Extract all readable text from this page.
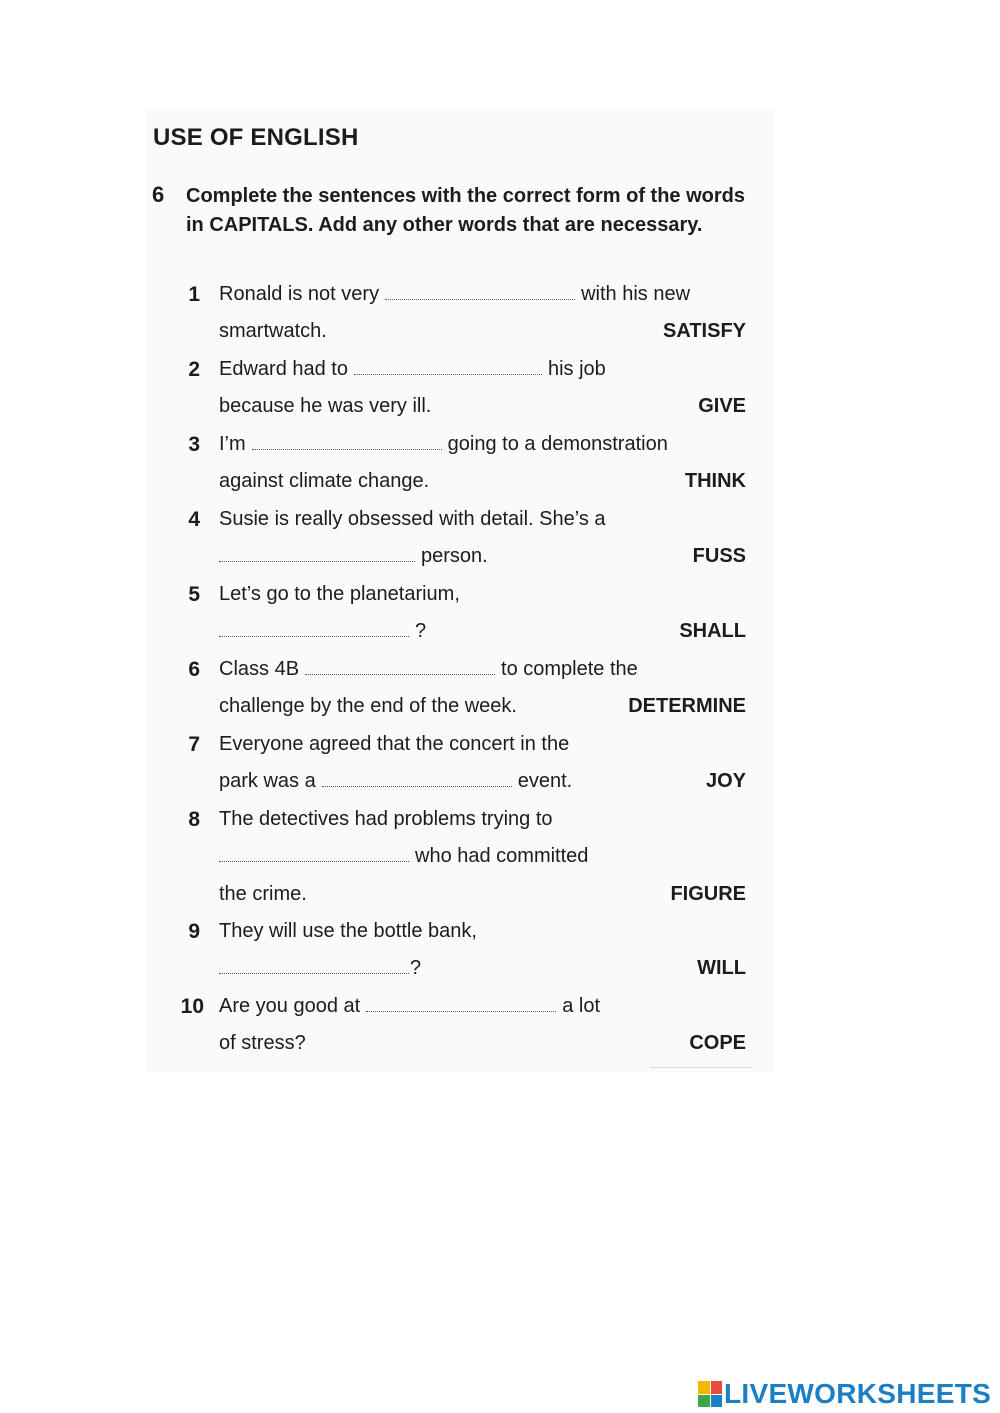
USE OF ENGLISH
6 Complete the sentences with the correct form of the words in CAPITALS. Add any other words that are necessary.
1 Ronald is not very	with his new
smartwatch.	SATISFY
2 Edward had to	his job
because he was very ill.	GIVE
3 I’m	going to a demonstration
against climate change.	THINK
4 Susie is really obsessed with detail. She’s a
person.	FUSS
5 Let’s go to the planetarium,
?	SHALL
6 Class 4B	to complete the
challenge by the end of the week.	DETERMINE
7 Everyone agreed that the concert in the
park was a	event.	JOY
8 The detectives had problems trying to
who had committed
the crime.	FIGURE
9 They will use the bottle bank,
?	WILL
10 Are you good at	a lot
of stress?	COPE
LIVEWORKSHEETS
